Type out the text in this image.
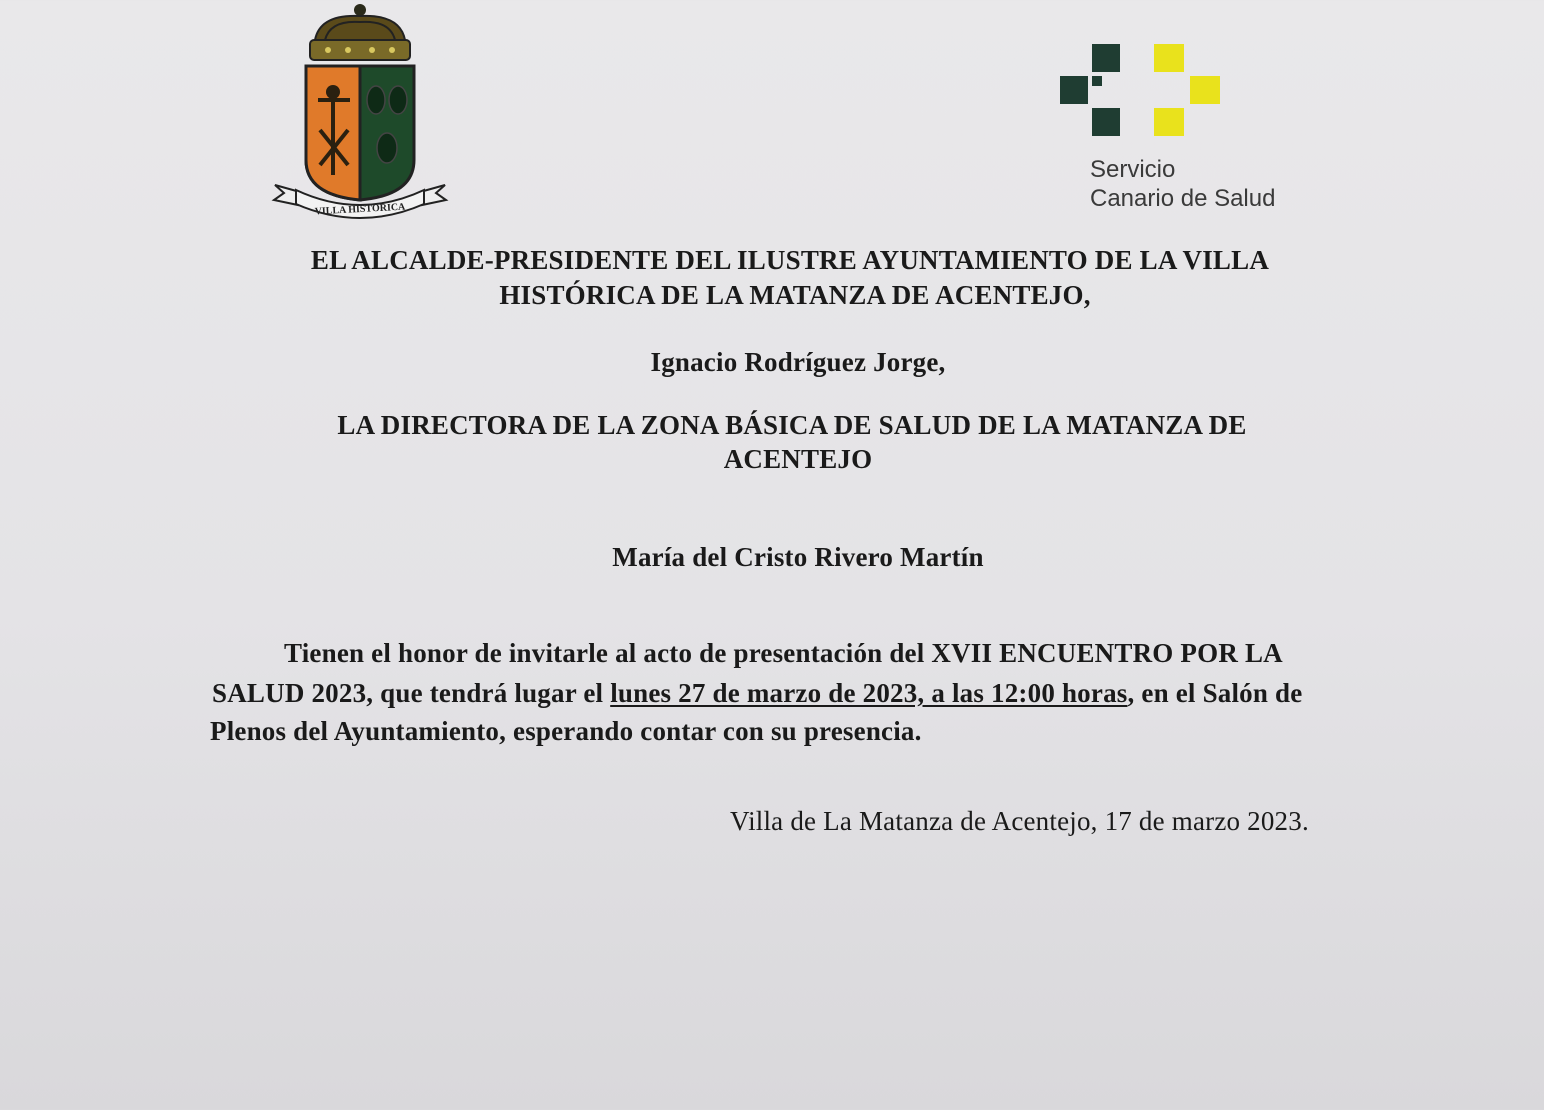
VILLA HISTORICA
Servicio
Canario de Salud
EL ALCALDE-PRESIDENTE DEL ILUSTRE AYUNTAMIENTO DE LA VILLA
HISTÓRICA DE LA MATANZA DE ACENTEJO,
Ignacio Rodríguez Jorge,
LA DIRECTORA DE LA ZONA BÁSICA DE SALUD DE LA MATANZA DE
ACENTEJO
María del Cristo Rivero Martín
Tienen el honor de invitarle al acto de presentación del XVII ENCUENTRO POR LA
SALUD 2023, que tendrá lugar el lunes 27 de marzo de 2023, a las 12:00 horas, en el Salón de
Plenos del Ayuntamiento, esperando contar con su presencia.
Villa de La Matanza de Acentejo, 17 de marzo 2023.
